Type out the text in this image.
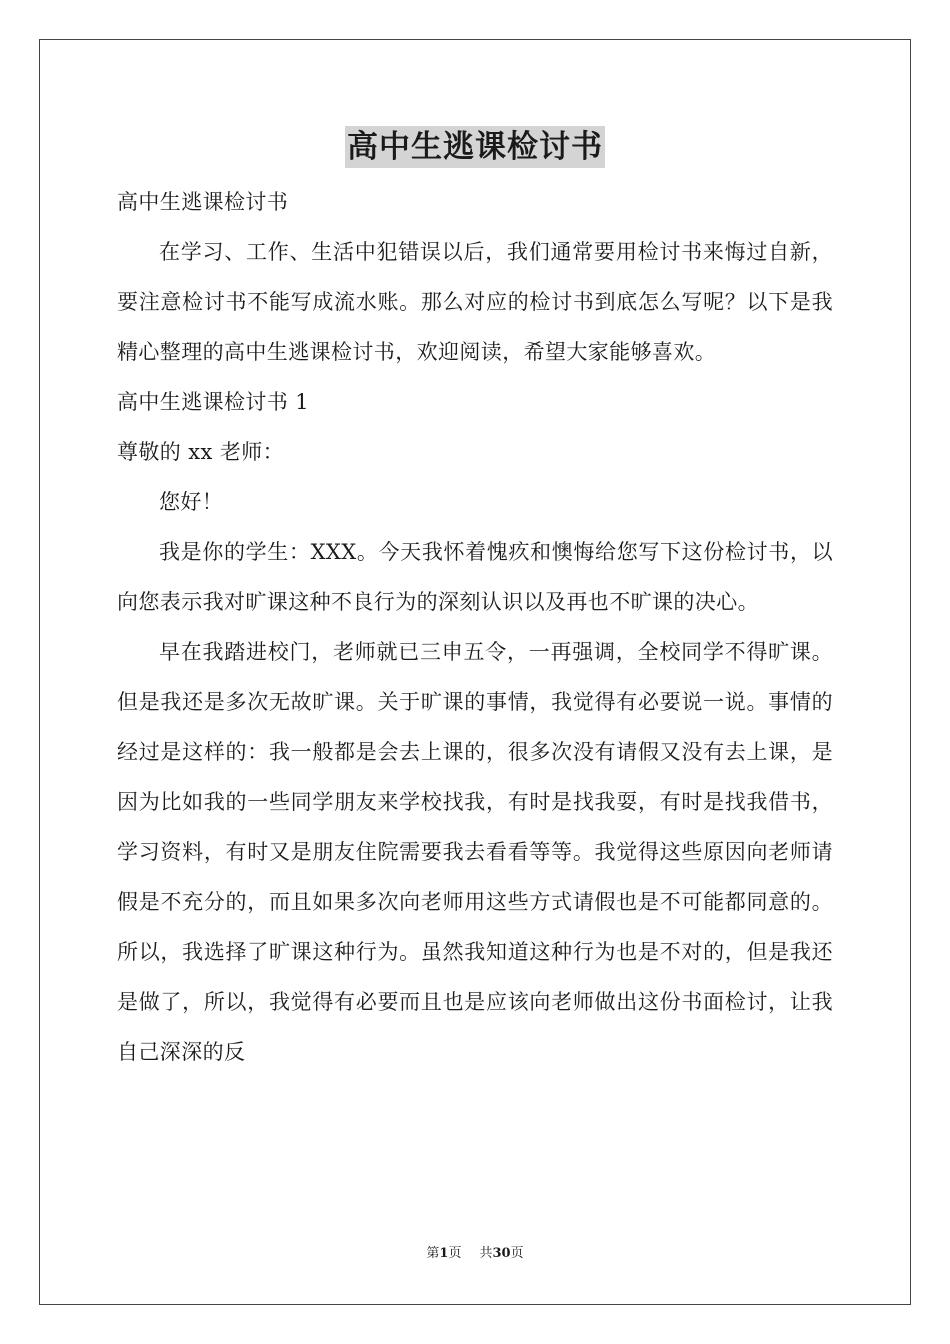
高中生逃课检讨书

高中生逃课检讨书

在学习、工作、生活中犯错误以后，我们通常要用检讨书来悔过自新，要注意检讨书不能写成流水账。那么对应的检讨书到底怎么写呢？以下是我精心整理的高中生逃课检讨书，欢迎阅读，希望大家能够喜欢。

高中生逃课检讨书 1

尊敬的 xx 老师：

您好！

我是你的学生：XXX。今天我怀着愧疚和懊悔给您写下这份检讨书，以向您表示我对旷课这种不良行为的深刻认识以及再也不旷课的决心。

早在我踏进校门，老师就已三申五令，一再强调，全校同学不得旷课。但是我还是多次无故旷课。关于旷课的事情，我觉得有必要说一说。事情的经过是这样的：我一般都是会去上课的，很多次没有请假又没有去上课，是因为比如我的一些同学朋友来学校找我，有时是找我耍，有时是找我借书，学习资料，有时又是朋友住院需要我去看看等等。我觉得这些原因向老师请假是不充分的，而且如果多次向老师用这些方式请假也是不可能都同意的。所以，我选择了旷课这种行为。虽然我知道这种行为也是不对的，但是我还是做了，所以，我觉得有必要而且也是应该向老师做出这份书面检讨，让我自己深深的反

第1页 共30页
